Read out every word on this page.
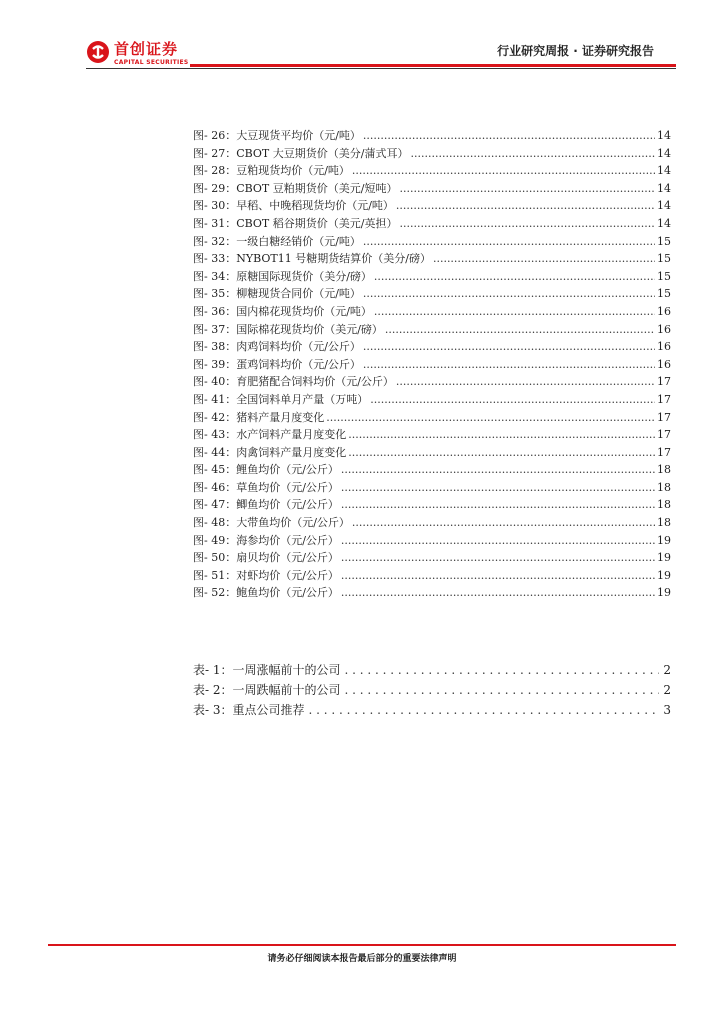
首创证券
CAPITAL SECURITIES
行业研究周报 · 证券研究报告
图- 26：大豆现货平均价（元/吨） .....	14
图- 27：CBOT 大豆期货价（美分/蒲式耳） .....	14
图- 28：豆粕现货均价（元/吨） .....	14
图- 29：CBOT 豆粕期货价（美元/短吨） .....	14
图- 30：早稻、中晚稻现货均价（元/吨） .....	14
图- 31：CBOT 稻谷期货价（美元/英担） .....	14
图- 32：一级白糖经销价（元/吨） .....	15
图- 33：NYBOT11 号糖期货结算价（美分/磅） .....	15
图- 34：原糖国际现货价（美分/磅） .....	15
图- 35：柳糖现货合同价（元/吨） .....	15
图- 36：国内棉花现货均价（元/吨） .....	16
图- 37：国际棉花现货均价（美元/磅） .....	16
图- 38：肉鸡饲料均价（元/公斤） .....	16
图- 39：蛋鸡饲料均价（元/公斤） .....	16
图- 40：育肥猪配合饲料均价（元/公斤） .....	17
图- 41：全国饲料单月产量（万吨） .....	17
图- 42：猪料产量月度变化 .....	17
图- 43：水产饲料产量月度变化 .....	17
图- 44：肉禽饲料产量月度变化 .....	17
图- 45：鲤鱼均价（元/公斤） .....	18
图- 46：草鱼均价（元/公斤） .....	18
图- 47：鲫鱼均价（元/公斤） .....	18
图- 48：大带鱼均价（元/公斤） .....	18
图- 49：海参均价（元/公斤） .....	19
图- 50：扇贝均价（元/公斤） .....	19
图- 51：对虾均价（元/公斤） .....	19
图- 52：鲍鱼均价（元/公斤） .....	19
表- 1：一周涨幅前十的公司 . . .	2
表- 2：一周跌幅前十的公司 . . .	2
表- 3：重点公司推荐 . . .	3
请务必仔细阅读本报告最后部分的重要法律声明
